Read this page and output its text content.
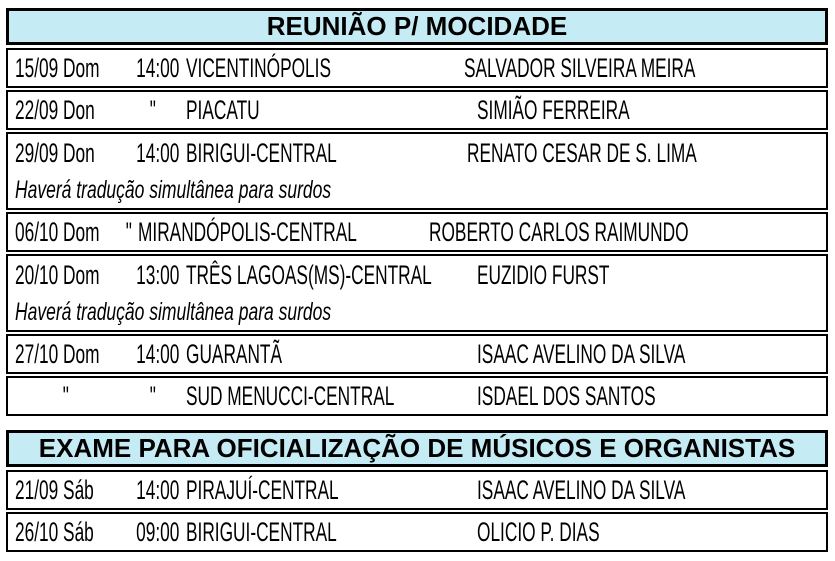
REUNIÃO P/ MOCIDADE
15/09 Dom	14:00 VICENTINÓPOLIS	SALVADOR SILVEIRA MEIRA
22/09 Don	"	PIACATU	SIMIÃO FERREIRA
29/09 Don	14:00 BIRIGUI-CENTRAL	RENATO CESAR DE S. LIMA
Haverá tradução simultânea para surdos
06/10 Dom " MIRANDÓPOLIS-CENTRAL	ROBERTO CARLOS RAIMUNDO
20/10 Dom	13:00 TRÊS LAGOAS(MS)-CENTRAL	EUZIDIO FURST
Haverá tradução simultânea para surdos
27/10 Dom	14:00 GUARANTÃ	ISAAC AVELINO DA SILVA
"	"	SUD MENUCCI-CENTRAL	ISDAEL DOS SANTOS
EXAME PARA OFICIALIZAÇÃO DE MÚSICOS E ORGANISTAS
21/09 Sáb	14:00 PIRAJUÍ-CENTRAL	ISAAC AVELINO DA SILVA
26/10 Sáb	09:00 BIRIGUI-CENTRAL	OLICIO P. DIAS
